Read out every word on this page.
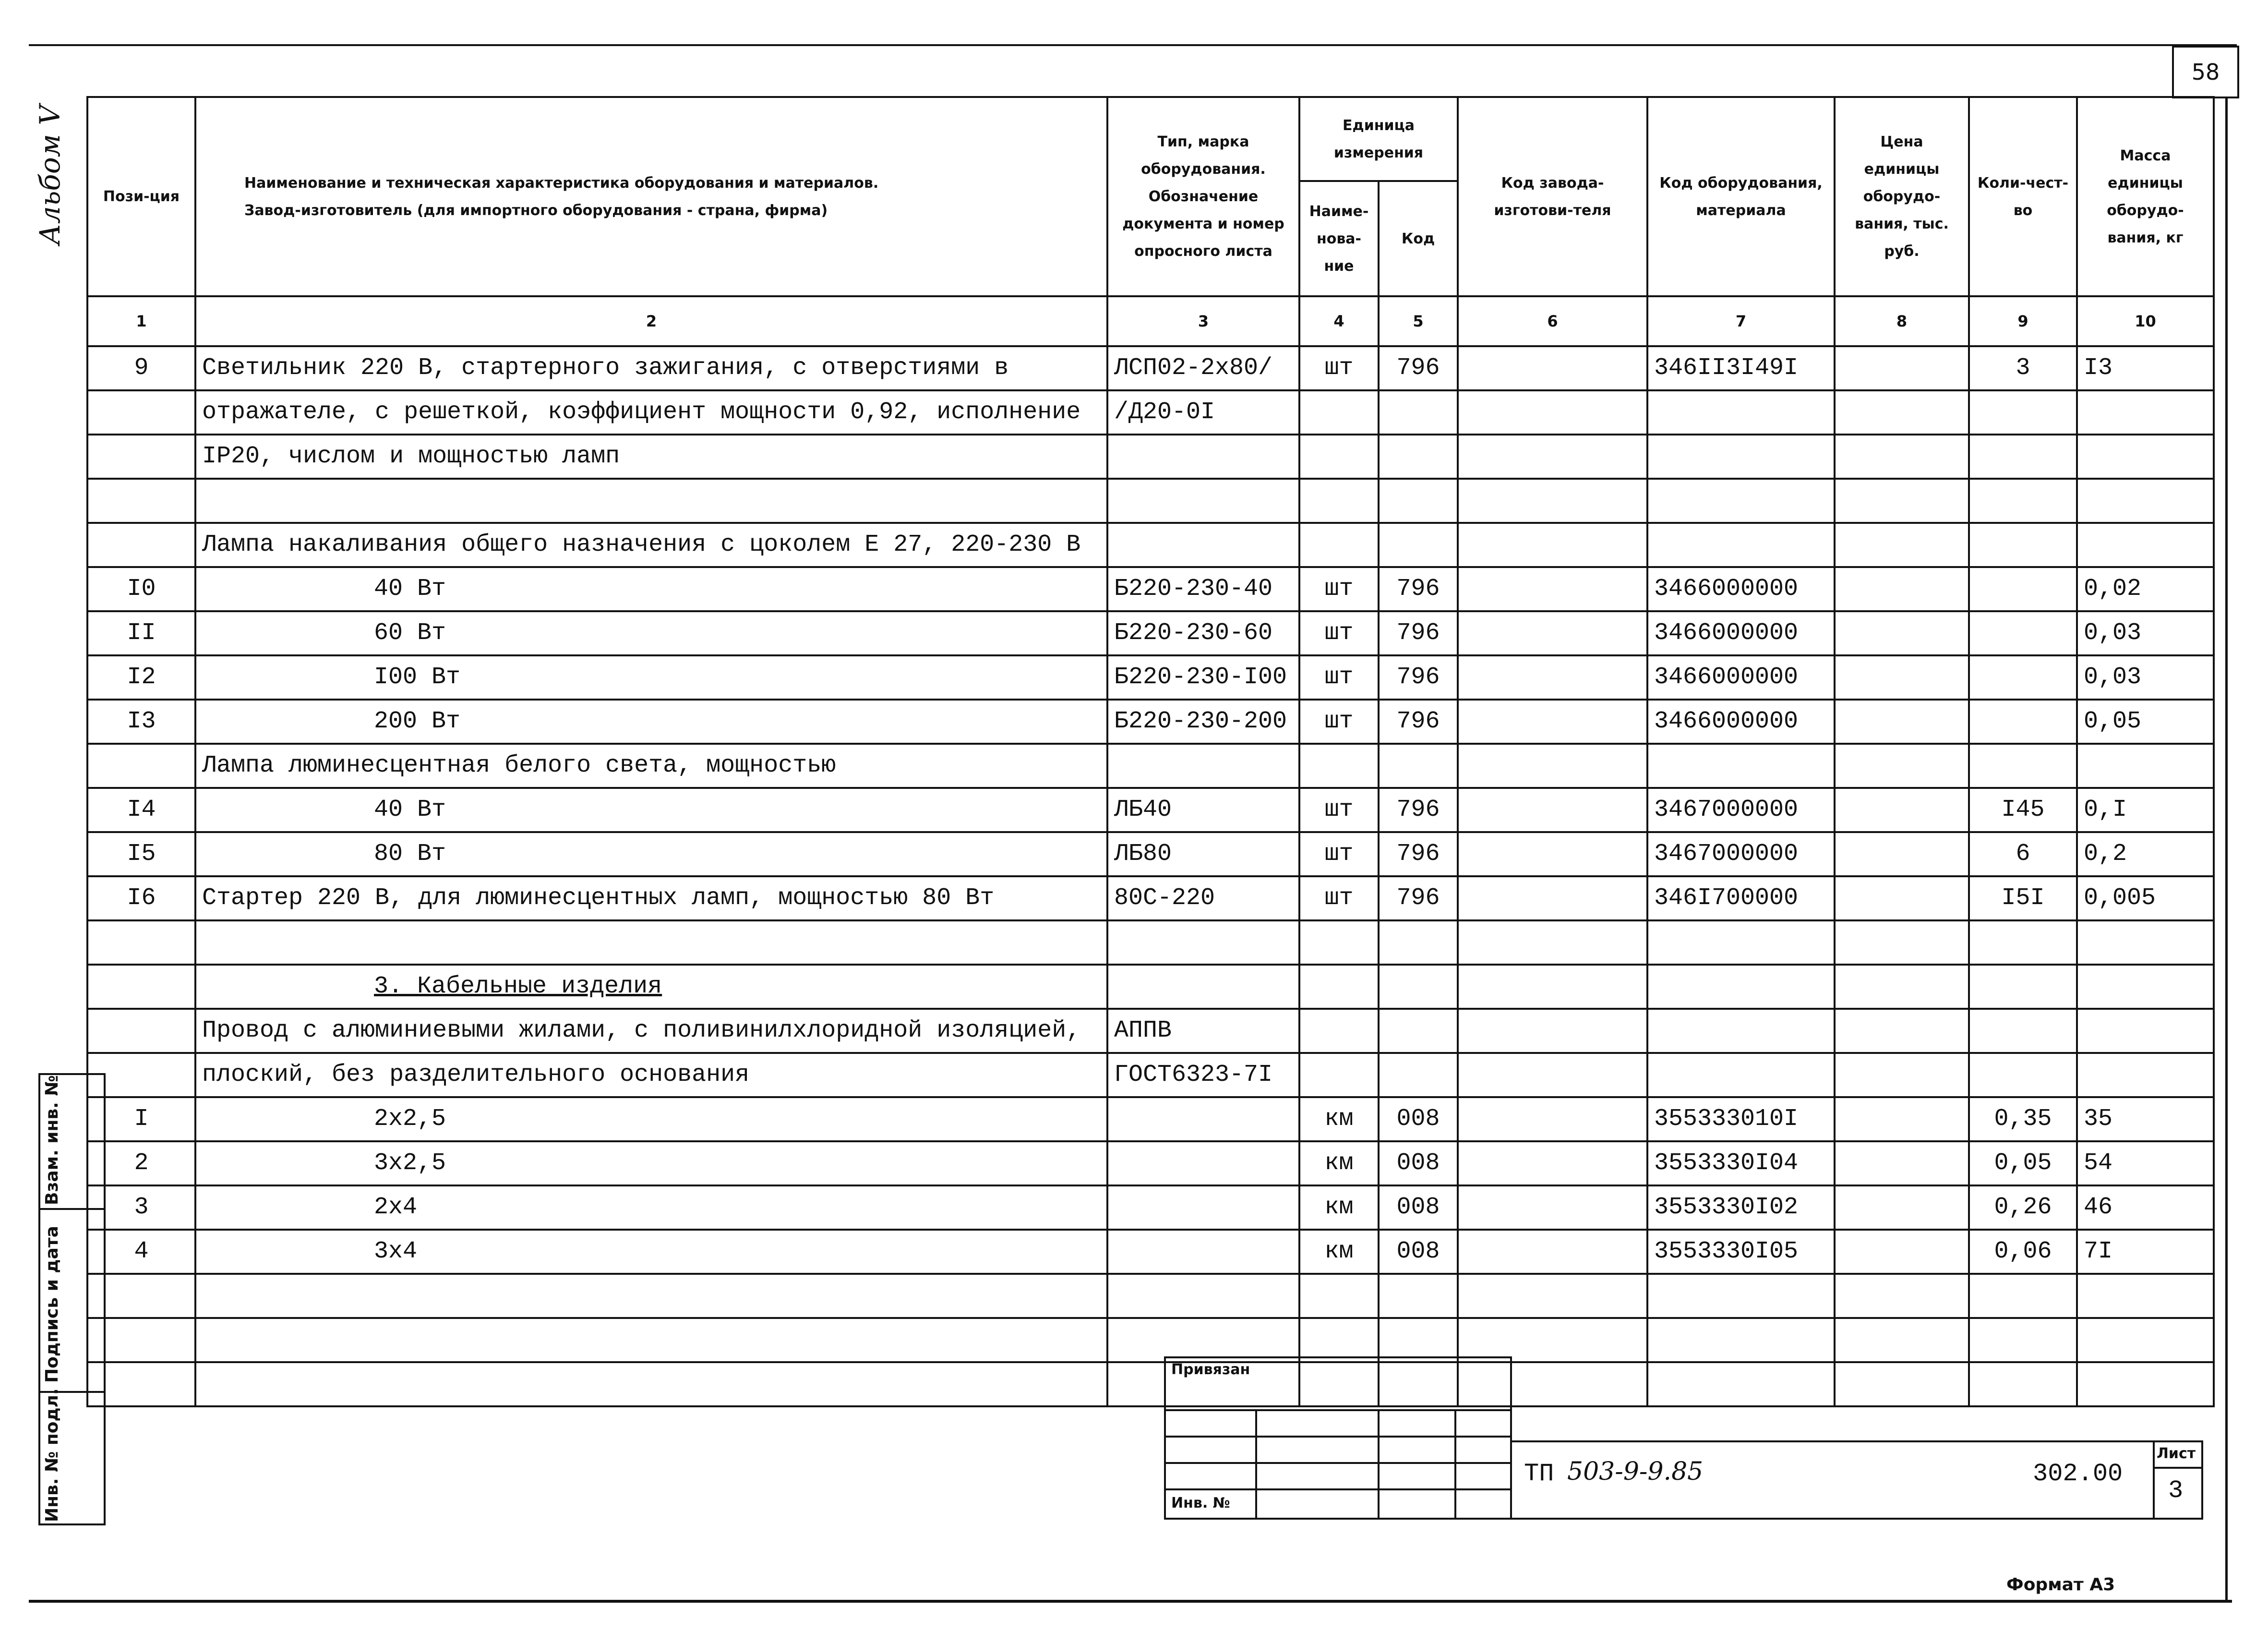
58
Альбом V	Пози-ция	Наименование и техническая характеристика оборудования и материалов.
Завод-изготовитель (для импортного оборудования - страна, фирма)	Тип, марка оборудования. Обозначение документа и номер опросного листа	Единица измерения		Код завода-изготови-теля	Код оборудования, материала	Цена единицы оборудо-вания, тыс. руб.	Коли-чест-во	Масса единицы оборудо-вания, кг
			Наиме-нова-ние	Код					
1	2	3	4	5	6	7	8	9	10
9	Светильник 220 В, стартерного зажигания, с отверстиями в	ЛСП02-2х80/	шт	796		346II3I49I		3	I3
	отражателе, с решеткой, коэффициент мощности 0,92, исполнение	/Д20-0I							
	IP20, числом и мощностью ламп								

	Лампа накаливания общего назначения с цоколем Е 27, 220-230 В								
I0	40 Вт	Б220-230-40	шт	796		3466000000			0,02
II	60 Вт	Б220-230-60	шт	796		3466000000			0,03
I2	I00 Вт	Б220-230-I00	шт	796		3466000000			0,03
I3	200 Вт	Б220-230-200	шт	796		3466000000			0,05
	Лампа люминесцентная белого света, мощностью								
I4	40 Вт	ЛБ40	шт	796		3467000000		I45	0,I
I5	80 Вт	ЛБ80	шт	796		3467000000		6	0,2
I6	Стартер 220 В, для люминесцентных ламп, мощностью 80 Вт	80С-220	шт	796		346I700000		I5I	0,005

	3. Кабельные изделия								
	Провод с алюминиевыми жилами, с поливинилхлоридной изоляцией,	АППВ							
	плоский, без разделительного основания	ГОСТ6323-7I							
I	2х2,5		км	008		355333010I		0,35	35
2	3х2,5		км	008		3553330I04		0,05	54
3	2х4		км	008		3553330I02		0,26	46
4	3х4		км	008		3553330I05		0,06	7I

Взам. инв. №
Подпись и дата
Инв. № подл.
Привязан
Инв. №
ТП 503-9-9.85	302.00
Лист
3
Формат А3
